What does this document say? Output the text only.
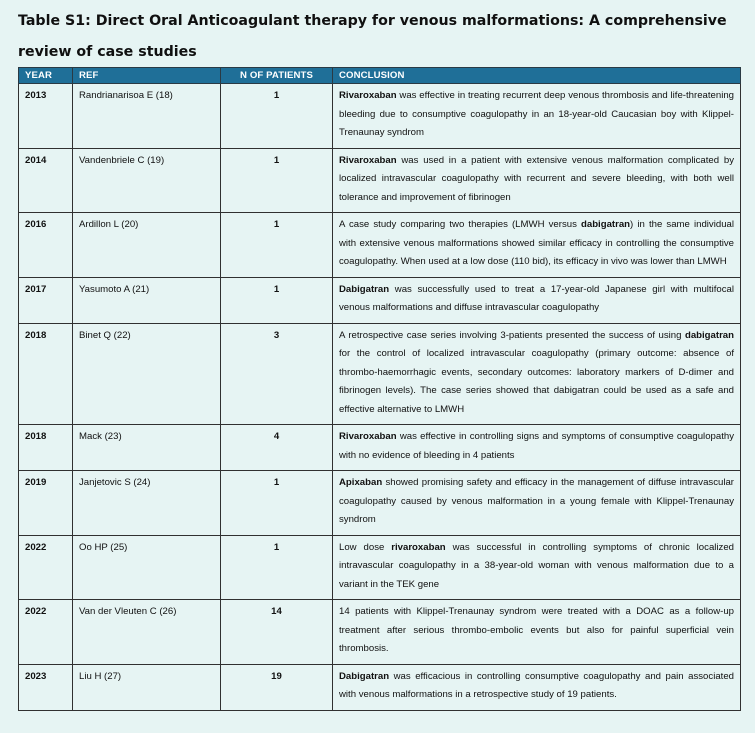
Table S1: Direct Oral Anticoagulant therapy for venous malformations: A comprehensive review of case studies
YEAR	REF	N OF PATIENTS	CONCLUSION
2013	Randrianarisoa E (18)	1	Rivaroxaban was effective in treating recurrent deep venous thrombosis and life-threatening bleeding due to consumptive coagulopathy in an 18-year-old Caucasian boy with Klippel-Trenaunay syndrom
2014	Vandenbriele C (19)	1	Rivaroxaban was used in a patient with extensive venous malformation complicated by localized intravascular coagulopathy with recurrent and severe bleeding, with both well tolerance and improvement of fibrinogen
2016	Ardillon L (20)	1	A case study comparing two therapies (LMWH versus dabigatran) in the same individual with extensive venous malformations showed similar efficacy in controlling the consumptive coagulopathy. When used at a low dose (110 bid), its efficacy in vivo was lower than LMWH
2017	Yasumoto A (21)	1	Dabigatran was successfully used to treat a 17-year-old Japanese girl with multifocal venous malformations and diffuse intravascular coagulopathy
2018	Binet Q (22)	3	A retrospective case series involving 3-patients presented the success of using dabigatran for the control of localized intravascular coagulopathy (primary outcome: absence of thrombo-haemorrhagic events, secondary outcomes: laboratory markers of D-dimer and fibrinogen levels). The case series showed that dabigatran could be used as a safe and effective alternative to LMWH
2018	Mack (23)	4	Rivaroxaban was effective in controlling signs and symptoms of consumptive coagulopathy with no evidence of bleeding in 4 patients
2019	Janjetovic S (24)	1	Apixaban showed promising safety and efficacy in the management of diffuse intravascular coagulopathy caused by venous malformation in a young female with Klippel-Trenaunay syndrom
2022	Oo HP (25)	1	Low dose rivaroxaban was successful in controlling symptoms of chronic localized intravascular coagulopathy in a 38-year-old woman with venous malformation due to a variant in the TEK gene
2022	Van der Vleuten C (26)	14	14 patients with Klippel-Trenaunay syndrom were treated with a DOAC as a follow-up treatment after serious thrombo-embolic events but also for painful superficial vein thrombosis.
2023	Liu H (27)	19	Dabigatran was efficacious in controlling consumptive coagulopathy and pain associated with venous malformations in a retrospective study of 19 patients.
